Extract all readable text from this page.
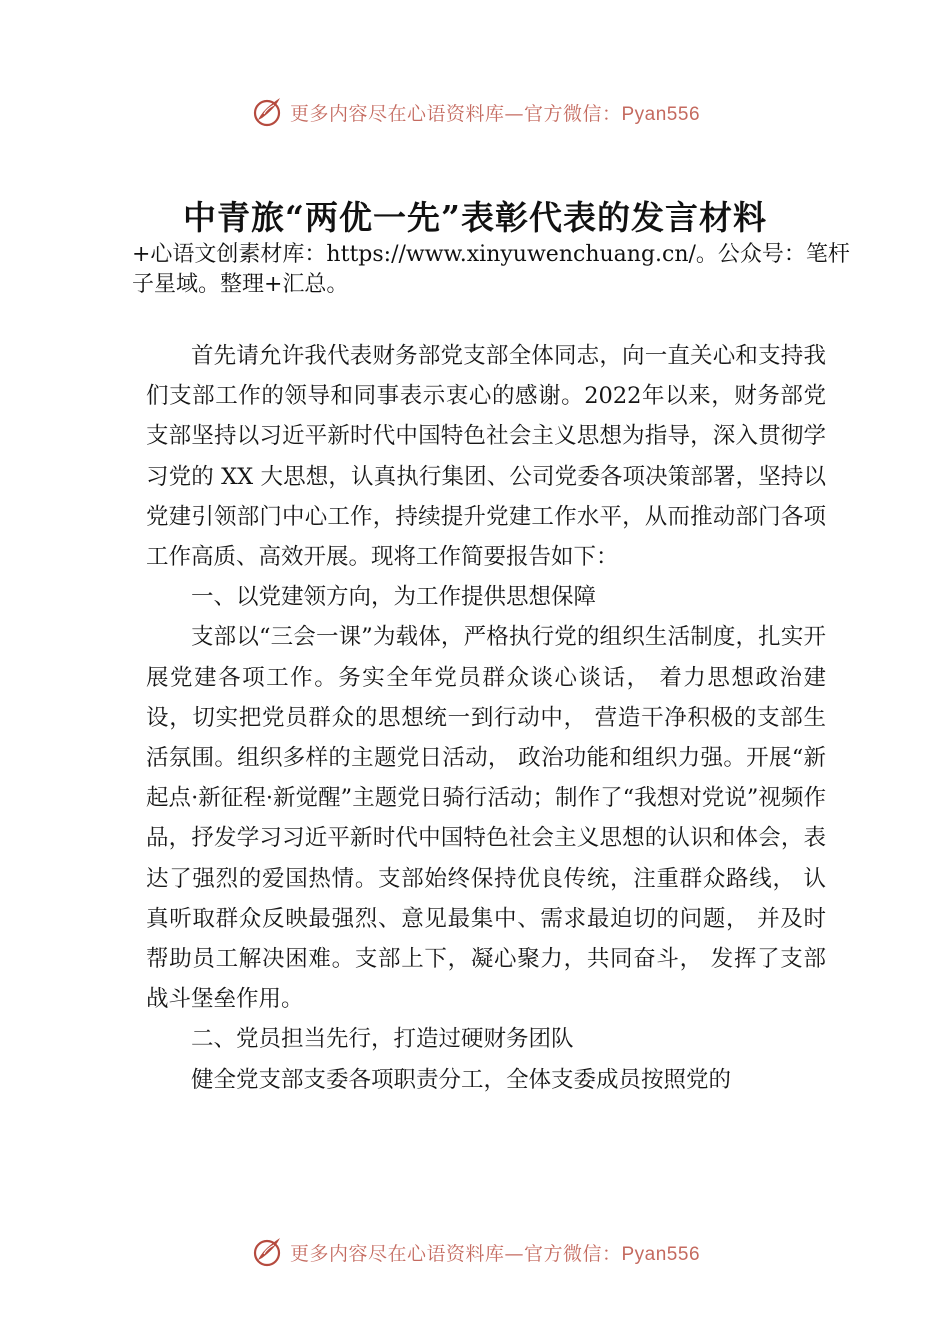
更多内容尽在心语资料库—官方微信：Pyan556
中青旅“两优一先”表彰代表的发言材料
+心语文创素材库：https://www.xinyuwenchuang.cn/。公众号：笔杆子星域。整理+汇总。

首先请允许我代表财务部党支部全体同志，向一直关心和支持我们支部工作的领导和同事表示衷心的感谢。2022年以来，财务部党支部坚持以习近平新时代中国特色社会主义思想为指导，深入贯彻学习党的 XX 大思想，认真执行集团、公司党委各项决策部署，坚持以党建引领部门中心工作，持续提升党建工作水平，从而推动部门各项工作高质、高效开展。现将工作简要报告如下：

一、以党建领方向，为工作提供思想保障

支部以“三会一课”为载体，严格执行党的组织生活制度，扎实开展党建各项工作。务实全年党员群众谈心谈话， 着力思想政治建设，切实把党员群众的思想统一到行动中， 营造干净积极的支部生活氛围。组织多样的主题党日活动， 政治功能和组织力强。开展“新起点·新征程·新觉醒”主题党日骑行活动；制作了“我想对党说”视频作品，抒发学习习近平新时代中国特色社会主义思想的认识和体会，表达了强烈的爱国热情。支部始终保持优良传统，注重群众路线， 认真听取群众反映最强烈、意见最集中、需求最迫切的问题， 并及时帮助员工解决困难。支部上下，凝心聚力，共同奋斗， 发挥了支部战斗堡垒作用。

二、党员担当先行，打造过硬财务团队

健全党支部支委各项职责分工，全体支委成员按照党的

更多内容尽在心语资料库—官方微信：Pyan556
